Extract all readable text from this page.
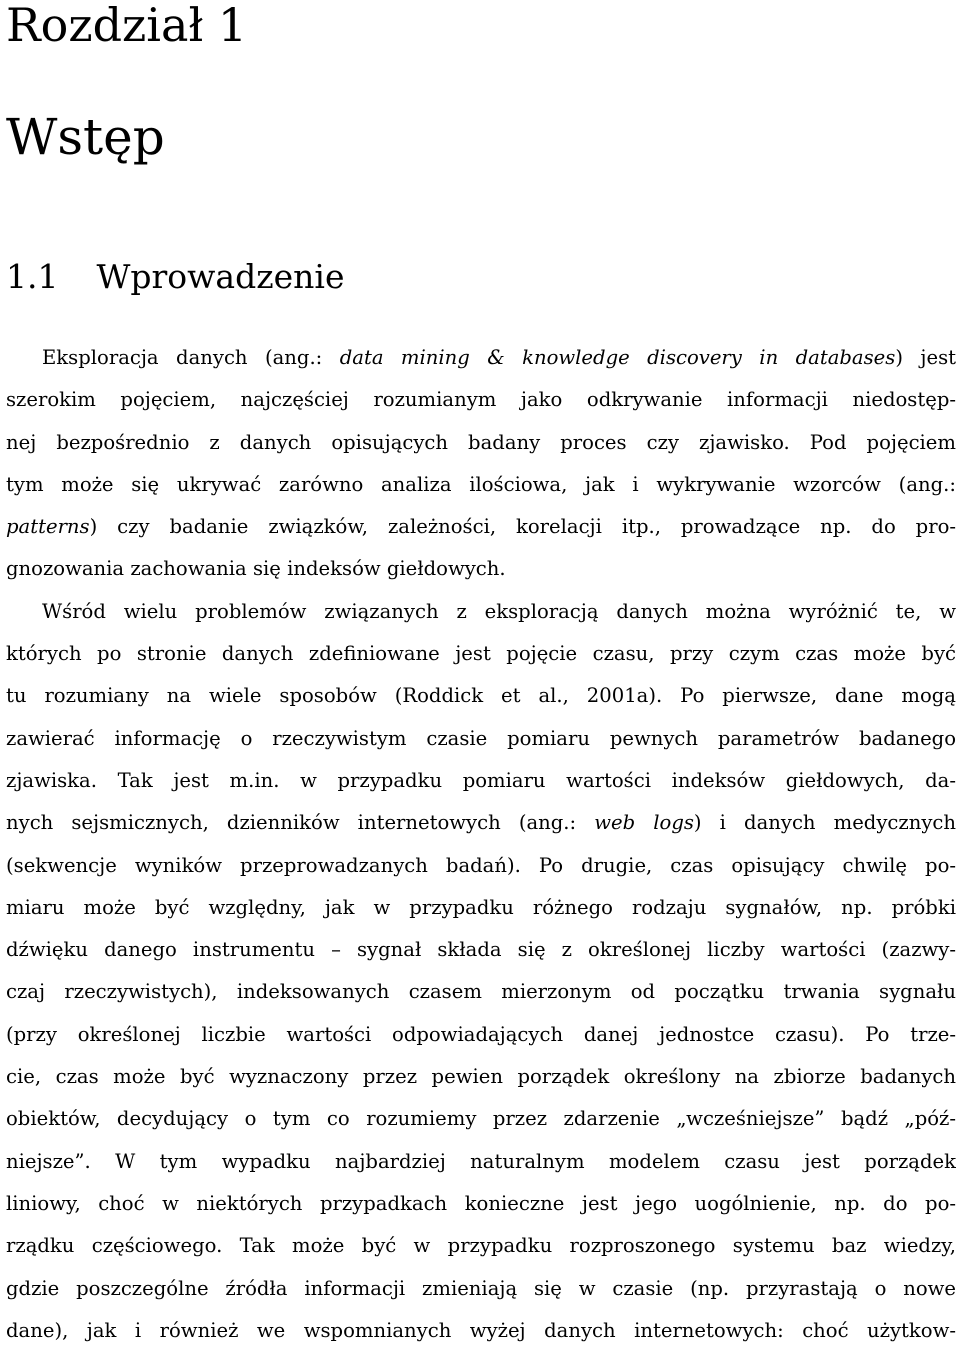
Rozdział 1
Wstęp
1.1 Wprowadzenie
Eksploracja danych (ang.: data mining & knowledge discovery in databases) jest
szerokim pojęciem, najczęściej rozumianym jako odkrywanie informacji niedostęp-
nej bezpośrednio z danych opisujących badany proces czy zjawisko. Pod pojęciem
tym może się ukrywać zarówno analiza ilościowa, jak i wykrywanie wzorców (ang.:
patterns) czy badanie związków, zależności, korelacji itp., prowadzące np. do pro-
gnozowania zachowania się indeksów giełdowych.
Wśród wielu problemów związanych z eksploracją danych można wyróżnić te, w
których po stronie danych zdefiniowane jest pojęcie czasu, przy czym czas może być
tu rozumiany na wiele sposobów (Roddick et al., 2001a). Po pierwsze, dane mogą
zawierać informację o rzeczywistym czasie pomiaru pewnych parametrów badanego
zjawiska. Tak jest m.in. w przypadku pomiaru wartości indeksów giełdowych, da-
nych sejsmicznych, dzienników internetowych (ang.: web logs) i danych medycznych
(sekwencje wyników przeprowadzanych badań). Po drugie, czas opisujący chwilę po-
miaru może być względny, jak w przypadku różnego rodzaju sygnałów, np. próbki
dźwięku danego instrumentu – sygnał składa się z określonej liczby wartości (zazwy-
czaj rzeczywistych), indeksowanych czasem mierzonym od początku trwania sygnału
(przy określonej liczbie wartości odpowiadających danej jednostce czasu). Po trze-
cie, czas może być wyznaczony przez pewien porządek określony na zbiorze badanych
obiektów, decydujący o tym co rozumiemy przez zdarzenie „wcześniejsze” bądź „póź-
niejsze”. W tym wypadku najbardziej naturalnym modelem czasu jest porządek
liniowy, choć w niektórych przypadkach konieczne jest jego uogólnienie, np. do po-
rządku częściowego. Tak może być w przypadku rozproszonego systemu baz wiedzy,
gdzie poszczególne źródła informacji zmieniają się w czasie (np. przyrastają o nowe
dane), jak i również we wspomnianych wyżej danych internetowych: choć użytkow-
